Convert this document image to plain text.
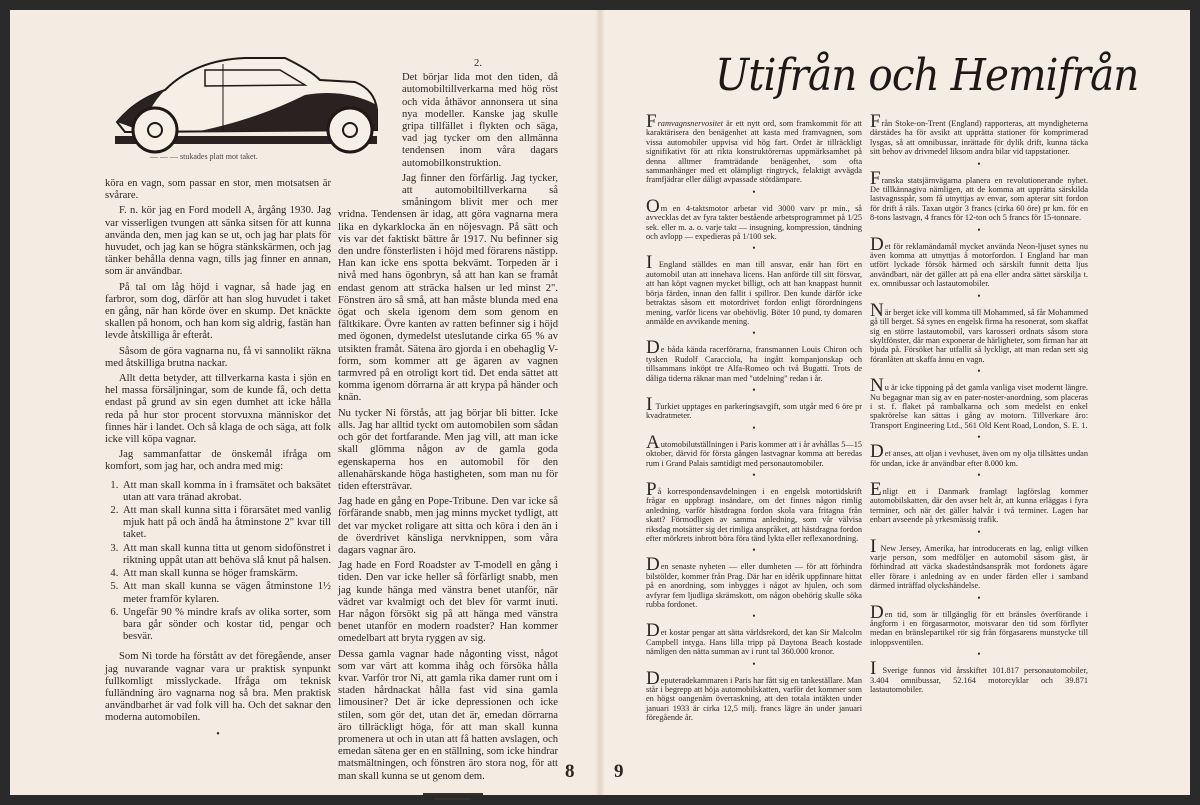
— — — stukades platt mot taket.

köra en vagn, som passar en stor, men motsatsen är svårare.

F. n. kör jag en Ford modell A, årgång 1930. Jag var visserligen tvungen att sänka sitsen för att kunna använda den, men jag kan se ut, och jag har plats för huvudet, och jag kan se högra stänkskärmen, och jag tänker behålla denna vagn, tills jag finner en annan, som är användbar.

På tal om låg höjd i vagnar, så hade jag en farbror, som dog, därför att han slog huvudet i taket en gång, när han körde över en skump. Det knäckte skallen på honom, och han kom sig aldrig, fastän han levde åtskilliga år efteråt.

Såsom de göra vagnarna nu, få vi sannolikt räkna med åtskilliga brutna nackar.

Allt detta betyder, att tillverkarna kasta i sjön en hel massa försäljningar, som de kunde få, och detta endast på grund av sin egen dumhet att icke hålla reda på hur stor procent storvuxna människor det finnes här i landet. Och så klaga de och säga, att folk icke vill köpa vagnar.

Jag sammanfattar de önskemål ifråga om komfort, som jag har, och andra med mig:

1. Att man skall komma in i framsätet och baksätet utan att vara tränad akrobat.
2. Att man skall kunna sitta i förarsätet med vanlig mjuk hatt på och ändå ha åtminstone 2" kvar till taket.
3. Att man skall kunna titta ut genom sidofönstret i riktning uppåt utan att behöva slå knut på halsen.
4. Att man skall kunna se höger framskärm.
5. Att man skall kunna se vägen åtminstone 1½ meter framför kylaren.
6. Ungefär 90 % mindre krafs av olika sorter, som bara går sönder och kostar tid, pengar och besvär.

Som Ni torde ha förstått av det föregående, anser jag nuvarande vagnar vara ur praktisk synpunkt fullkomligt misslyckade. Ifråga om teknisk fulländning äro vagnarna nog så bra. Men praktisk användbarhet är vad folk vill ha. Och det saknar den moderna automobilen.

•
2.

Det börjar lida mot den tiden, då automobiltillverkarna med hög röst och vida åthävor annonsera ut sina nya modeller. Kanske jag skulle gripa tillfället i flykten och säga, vad jag tycker om den allmänna tendensen inom våra dagars automobilkonstruktion.

Jag finner den förfärlig. Jag tycker, att automobiltillverkarna så småningom blivit mer och mer vridna. Tendensen är idag, att göra vagnarna mera lika en dykarklocka än en nöjesvagn. På sätt och vis var det faktiskt bättre år 1917. Nu befinner sig den undre fönsterlisten i höjd med förarens nästipp. Han kan icke ens spotta bekvämt. Torpeden är i nivå med hans ögonbryn, så att han kan se framåt endast genom att sträcka halsen ur led minst 2". Fönstren äro så små, att han måste blunda med ena ögat och skela igenom dem som genom en fältkikare. Övre kanten av ratten befinner sig i höjd med ögonen, dymedelst uteslutande cirka 65 % av utsikten framåt. Sätena äro gjorda i en obehaglig V-form, som kommer att ge ägaren av vagnen tarmvred på en otroligt kort tid. Det enda sättet att komma igenom dörrarna är att krypa på händer och knän.

Nu tycker Ni förstås, att jag börjar bli bitter. Icke alls. Jag har alltid tyckt om automobilen som sådan och gör det fortfarande. Men jag vill, att man icke skall glömma någon av de gamla goda egenskaperna hos en automobil för den allenahärskande höga hastigheten, som man nu för tiden eftersträvar.

Jag hade en gång en Pope-Tribune. Den var icke så förfärande snabb, men jag minns mycket tydligt, att det var mycket roligare att sitta och köra i den än i de överdrivet känsliga nervknippen, som våra dagars vagnar äro.

Jag hade en Ford Roadster av T-modell en gång i tiden. Den var icke heller så förfärligt snabb, men jag kunde hänga med vänstra benet utanför, när vädret var kvalmigt och det blev för varmt inuti. Har någon försökt sig på att hänga med vänstra benet utanför en modern roadster? Han kommer omedelbart att bryta ryggen av sig.

Dessa gamla vagnar hade någonting visst, något som var värt att komma ihåg och försöka hålla kvar. Varför tror Ni, att gamla rika damer runt om i staden hårdnackat hålla fast vid sina gamla limousiner? Det är icke depressionen och icke stilen, som gör det, utan det är, emedan dörrarna äro tillräckligt höga, för att man skall kunna promenera ut och in utan att få hatten avslagen, och emedan sätena ger en en ställning, som icke hindrar matsmältningen, och fönstren äro stora nog, för att man skall kunna se ut genom dem.	8
Utifrån och Hemifrån

Framvagnsnervositet är ett nytt ord, som framkommit för att karaktärisera den benägenhet att kasta med framvagnen, som vissa automobiler uppvisa vid hög fart. Ordet är tillräckligt signifikativt för att rikta konstruktörernas uppmärksamhet på denna alltmer framträdande benägenhet, som ofta sammanhänger med ett olämpligt ringtryck, felaktigt avvägda framfjädrar eller dåligt avpassade stötdämpare.

•

Om en 4-taktsmotor arbetar vid 3000 varv pr min., så avvecklas det av fyra takter bestående arbetsprogrammet på 1/25 sek. eller m. a. o. varje takt — insugning, kompression, tändning och avlopp — expedieras på 1/100 sek.

•

I England ställdes en man till ansvar, enär han fört en automobil utan att innehava licens. Han anförde till sitt försvar, att han köpt vagnen mycket billigt, och att han knappast hunnit börja färden, innan den fallit i spillror. Den kunde därför icke betraktas såsom ett motordrivet fordon enligt förordningens mening, varför licens var obehövlig. Böter 10 pund, ty domaren anmälde en avvikande mening.

•

De båda kända racerförarna, fransmannen Louis Chiron och tysken Rudolf Caracciola, ha ingått kompanjonskap och tillsammans inköpt tre Alfa-Romeo och två Bugatti. Trots de dåliga tiderna räknar man med "utdelning" redan i år.

•

I Turkiet upptages en parkeringsavgift, som utgår med 6 öre pr kvadratmeter.

•

Automobilutställningen i Paris kommer att i år avhållas 5—15 oktober, därvid för första gången lastvagnar komma att beredas rum i Grand Palais samtidigt med personautomobiler.

•

På korrespondensavdelningen i en engelsk motortidskrift frågar en uppbragt insändare, om det finnes någon rimlig anledning, varför hästdragna fordon skola vara fritagna från skatt? Förmodligen av samma anledning, som vår välvisa riksdag motsätter sig det rimliga anspråket, att hästdragna fordon efter mörkrets inbrott böra föra tänd lykta eller reflexanordning.

•

Den senaste nyheten — eller dumheten — för att förhindra bilstölder, kommer från Prag. Där har en idérik uppfinnare hittat på en anordning, som inbygges i något av hjulen, och som avfyrar fem ljudliga skrämskott, om någon obehörig skulle söka rubba fordonet.

•

Det kostar pengar att sätta världsrekord, det kan Sir Malcolm Campbell intyga. Hans lilla tripp på Daytona Beach kostade nämligen den nätta summan av i runt tal 360.000 kronor.

•

Deputeradekammaren i Paris har fått sig en tankeställare. Man står i begrepp att höja automobilskatten, varför det kommer som en högst oangenäm överraskning, att den totala intäkten under januari 1933 är cirka 12,5 milj. francs lägre än under januari föregående år.

Från Stoke-on-Trent (England) rapporteras, att myndigheterna därstädes ha för avsikt att upprätta stationer för komprimerad lysgas, så att omnibussar, inrättade för dylik drift, kunna täcka sitt behov av drivmedel liksom andra bilar vid tappstationer.

•

Franska statsjärnvägarna planera en revolutionerande nyhet. De tillkännagiva nämligen, att de komma att upprätta särskilda lastvagnsspår, som få utnyttjas av envar, som apterar sitt fordon för drift å räls. Taxan utgör 3 francs (cirka 60 öre) pr km. för en 8-tons lastvagn, 4 francs för 12-ton och 5 francs för 15-tonnare.

•

Det för reklamändamål mycket använda Neon-ljuset synes nu även komma att utnyttjas å motorfordon. I England har man utfört lyckade försök härmed och särskilt funnit detta ljus användbart, när det gäller att på ena eller andra sättet särskilja t. ex. omnibussar och lastautomobiler.

•

När berget icke vill komma till Mohammed, så får Mohammed gå till berget. Så synes en engelsk firma ha resonerat, som skaffat sig en större lastautomobil, vars karosseri ordnats såsom stora skyltfönster, där man exponerar de härligheter, som firman har att bjuda på. Försöket har utfallit så lyckligt, att man redan sett sig föranlåten att skaffa ännu en vagn.

•

Nu är icke tippning på det gamla vanliga viset modernt längre. Nu begagnar man sig av en pater-noster-anordning, som placeras i st. f. flaket på rambalkarna och som medelst en enkel spakrörelse kan sättas i gång av motorn. Tillverkare äro: Transport Engineering Ltd., 561 Old Kent Road, London, S. E. 1.

•

Det anses, att oljan i vevhuset, även om ny olja tillsättes undan för undan, icke är användbar efter 8.000 km.

•

Enligt ett i Danmark framlagt lagförslag kommer automobilskatten, där den avser helt år, att kunna erläggas i fyra terminer, och när det gäller halvår i två terminer. Lagen har enbart avseende på yrkesmässig trafik.

•

I New Jersey, Amerika, har introducerats en lag, enligt vilken varje person, som medföljer en automobil såsom gäst, är förhindrad att väcka skadeståndsanspråk mot fordonets ägare eller förare i anledning av en under färden eller i samband därmed inträffad olyckshändelse.

•

Den tid, som är tillgänglig för ett bränsles överförande i ångform i en förgasarmotor, motsvarar den tid som förflyter medan en bränslepartikel rör sig från förgasarens munstycke till inloppsventilen.

•

I Sverige funnos vid årsskiftet 101.817 personautomobiler, 3.404 omnibussar, 52.164 motorcyklar och 39.871 lastautomobiler.

9
